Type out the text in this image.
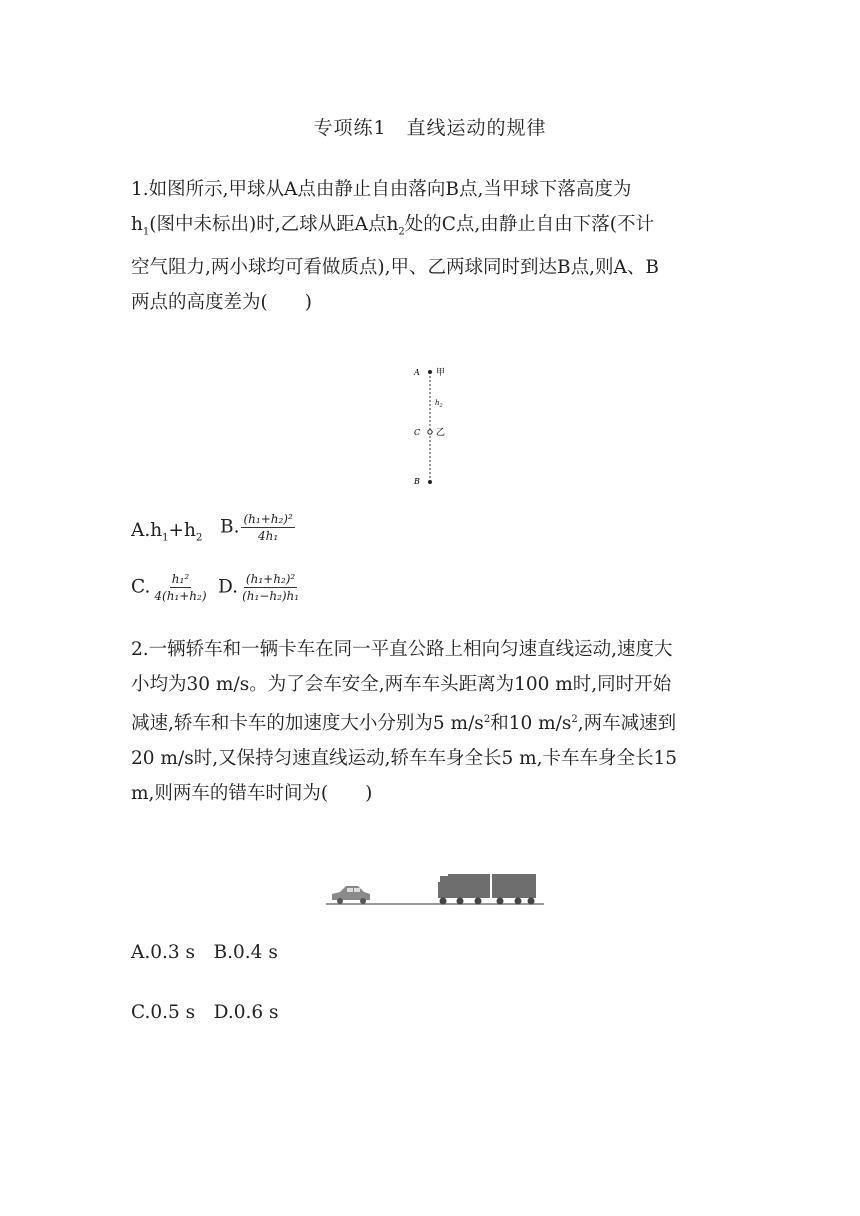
专项练1　直线运动的规律
1.如图所示,甲球从A点由静止自由落向B点,当甲球下落高度为
$h_1$(图中未标出)时,乙球从距A点$h_2$处的C点,由静止自由下落(不计
空气阻力,两小球均可看做质点),甲、乙两球同时到达B点,则A、B
两点的高度差为(　　)
A
C
B
甲
乙
$h_2$
$A.h_1+h_2$
B. $\frac{\text{(h₁+h₂)²}}{\text{4h₁}}$
C. $\frac{\text{h₁²}}{\text{4(h₁+h₂)}} D$. $\frac{\text{(h₁+h₂)²}}{\text{(h₁−h₂)h₁}}$
2.一辆轿车和一辆卡车在同一平直公路上相向匀速直线运动,速度大
小均为30 m/s。为了会车安全,两车车头距离为100 m时,同时开始
减速,轿车和卡车的加速度大小分别为5 $m/s^2$和10 $m/s^2$,两车减速到
20 m/s时,又保持匀速直线运动,轿车车身全长5 m,卡车车身全长15
m,则两车的错车时间为(　　)
A.0.3 s　B.0.4 s
C.0.5 s　D.0.6 s
